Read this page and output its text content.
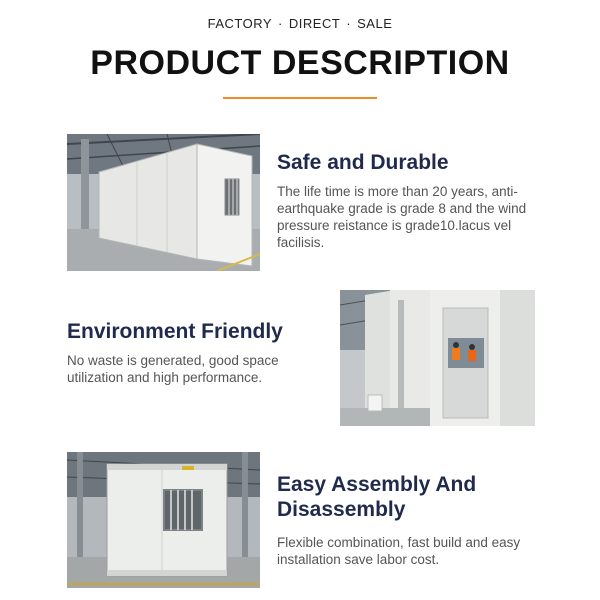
FACTORY · DIRECT · SALE
PRODUCT DESCRIPTION
Safe and Durable
The life time is more than 20 years, anti-earthquake grade is grade 8 and the wind pressure reistance is grade10.lacus vel facilisis.
Environment Friendly
No waste is generated, good space utilization and high performance.
Easy Assembly And Disassembly
Flexible combination, fast build and easy installation save labor cost.
